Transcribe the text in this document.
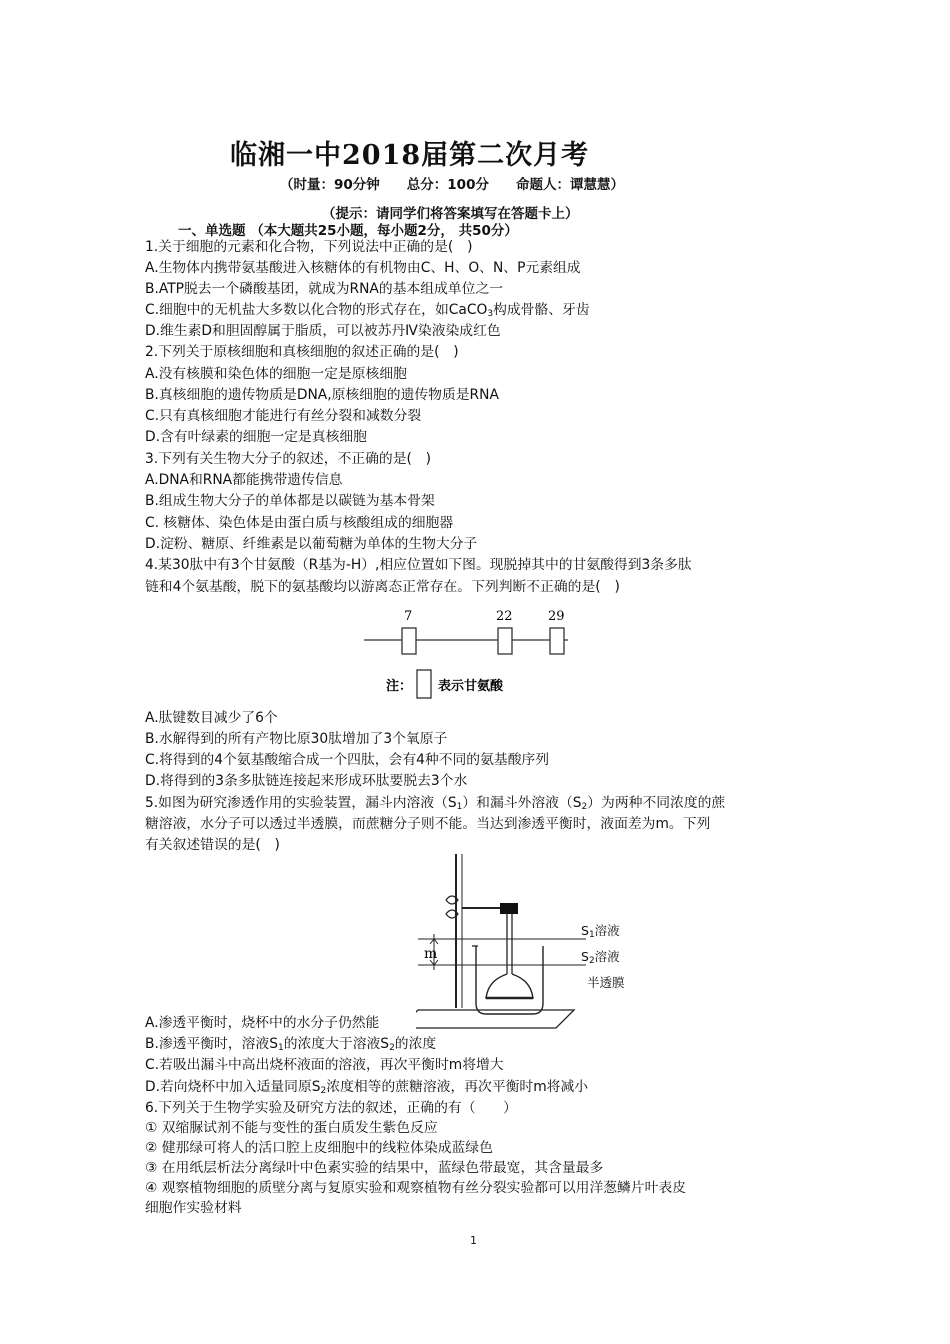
临湘一中2018届第二次月考
（时量：90分钟　　总分：100分　　命题人：谭慧慧）
（提示：请同学们将答案填写在答题卡上）
一、单选题 （本大题共25小题，每小题2分， 共50分）
1.关于细胞的元素和化合物，下列说法中正确的是(　)
A.生物体内携带氨基酸进入核糖体的有机物由C、H、O、N、P元素组成
B.ATP脱去一个磷酸基团，就成为RNA的基本组成单位之一
C.细胞中的无机盐大多数以化合物的形式存在，如CaCO$_3$构成骨骼、牙齿
D.维生素D和胆固醇属于脂质，可以被苏丹Ⅳ染液染成红色
2.下列关于原核细胞和真核细胞的叙述正确的是(　)
A.没有核膜和染色体的细胞一定是原核细胞
B.真核细胞的遗传物质是DNA,原核细胞的遗传物质是RNA
C.只有真核细胞才能进行有丝分裂和减数分裂
D.含有叶绿素的细胞一定是真核细胞
3.下列有关生物大分子的叙述，不正确的是(　)
A.DNA和RNA都能携带遗传信息
B.组成生物大分子的单体都是以碳链为基本骨架
C. 核糖体、染色体是由蛋白质与核酸组成的细胞器
D.淀粉、糖原、纤维素是以葡萄糖为单体的生物大分子
4.某30肽中有3个甘氨酸（R基为-H）,相应位置如下图。现脱掉其中的甘氨酸得到3条多肽
链和4个氨基酸，脱下的氨基酸均以游离态正常存在。下列判断不正确的是(　)
7	22	29
注： 表示甘氨酸
A.肽键数目减少了6个
B.水解得到的所有产物比原30肽增加了3个氧原子
C.将得到的4个氨基酸缩合成一个四肽，会有4种不同的氨基酸序列
D.将得到的3条多肽链连接起来形成环肽要脱去3个水
5.如图为研究渗透作用的实验装置，漏斗内溶液$(S_1)$和漏斗外溶液$(S_2)$为两种不同浓度的蔗
糖溶液，水分子可以透过半透膜，而蔗糖分子则不能。当达到渗透平衡时，液面差为m。下列
有关叙述错误的是(　)
m
$S_1$溶液
$S_2$溶液
半透膜
A.渗透平衡时，烧杯中的水分子仍然能
B.渗透平衡时，溶液$S_1$的浓度大于溶液$S_2$的浓度
C.若吸出漏斗中高出烧杯液面的溶液，再次平衡时m将增大
D.若向烧杯中加入适量同原$S_2$浓度相等的蔗糖溶液，再次平衡时m将减小
6.下列关于生物学实验及研究方法的叙述，正确的有（　　）
① 双缩脲试剂不能与变性的蛋白质发生紫色反应
② 健那绿可将人的活口腔上皮细胞中的线粒体染成蓝绿色
③ 在用纸层析法分离绿叶中色素实验的结果中，蓝绿色带最宽，其含量最多
④ 观察植物细胞的质壁分离与复原实验和观察植物有丝分裂实验都可以用洋葱鳞片叶表皮
细胞作实验材料
1
